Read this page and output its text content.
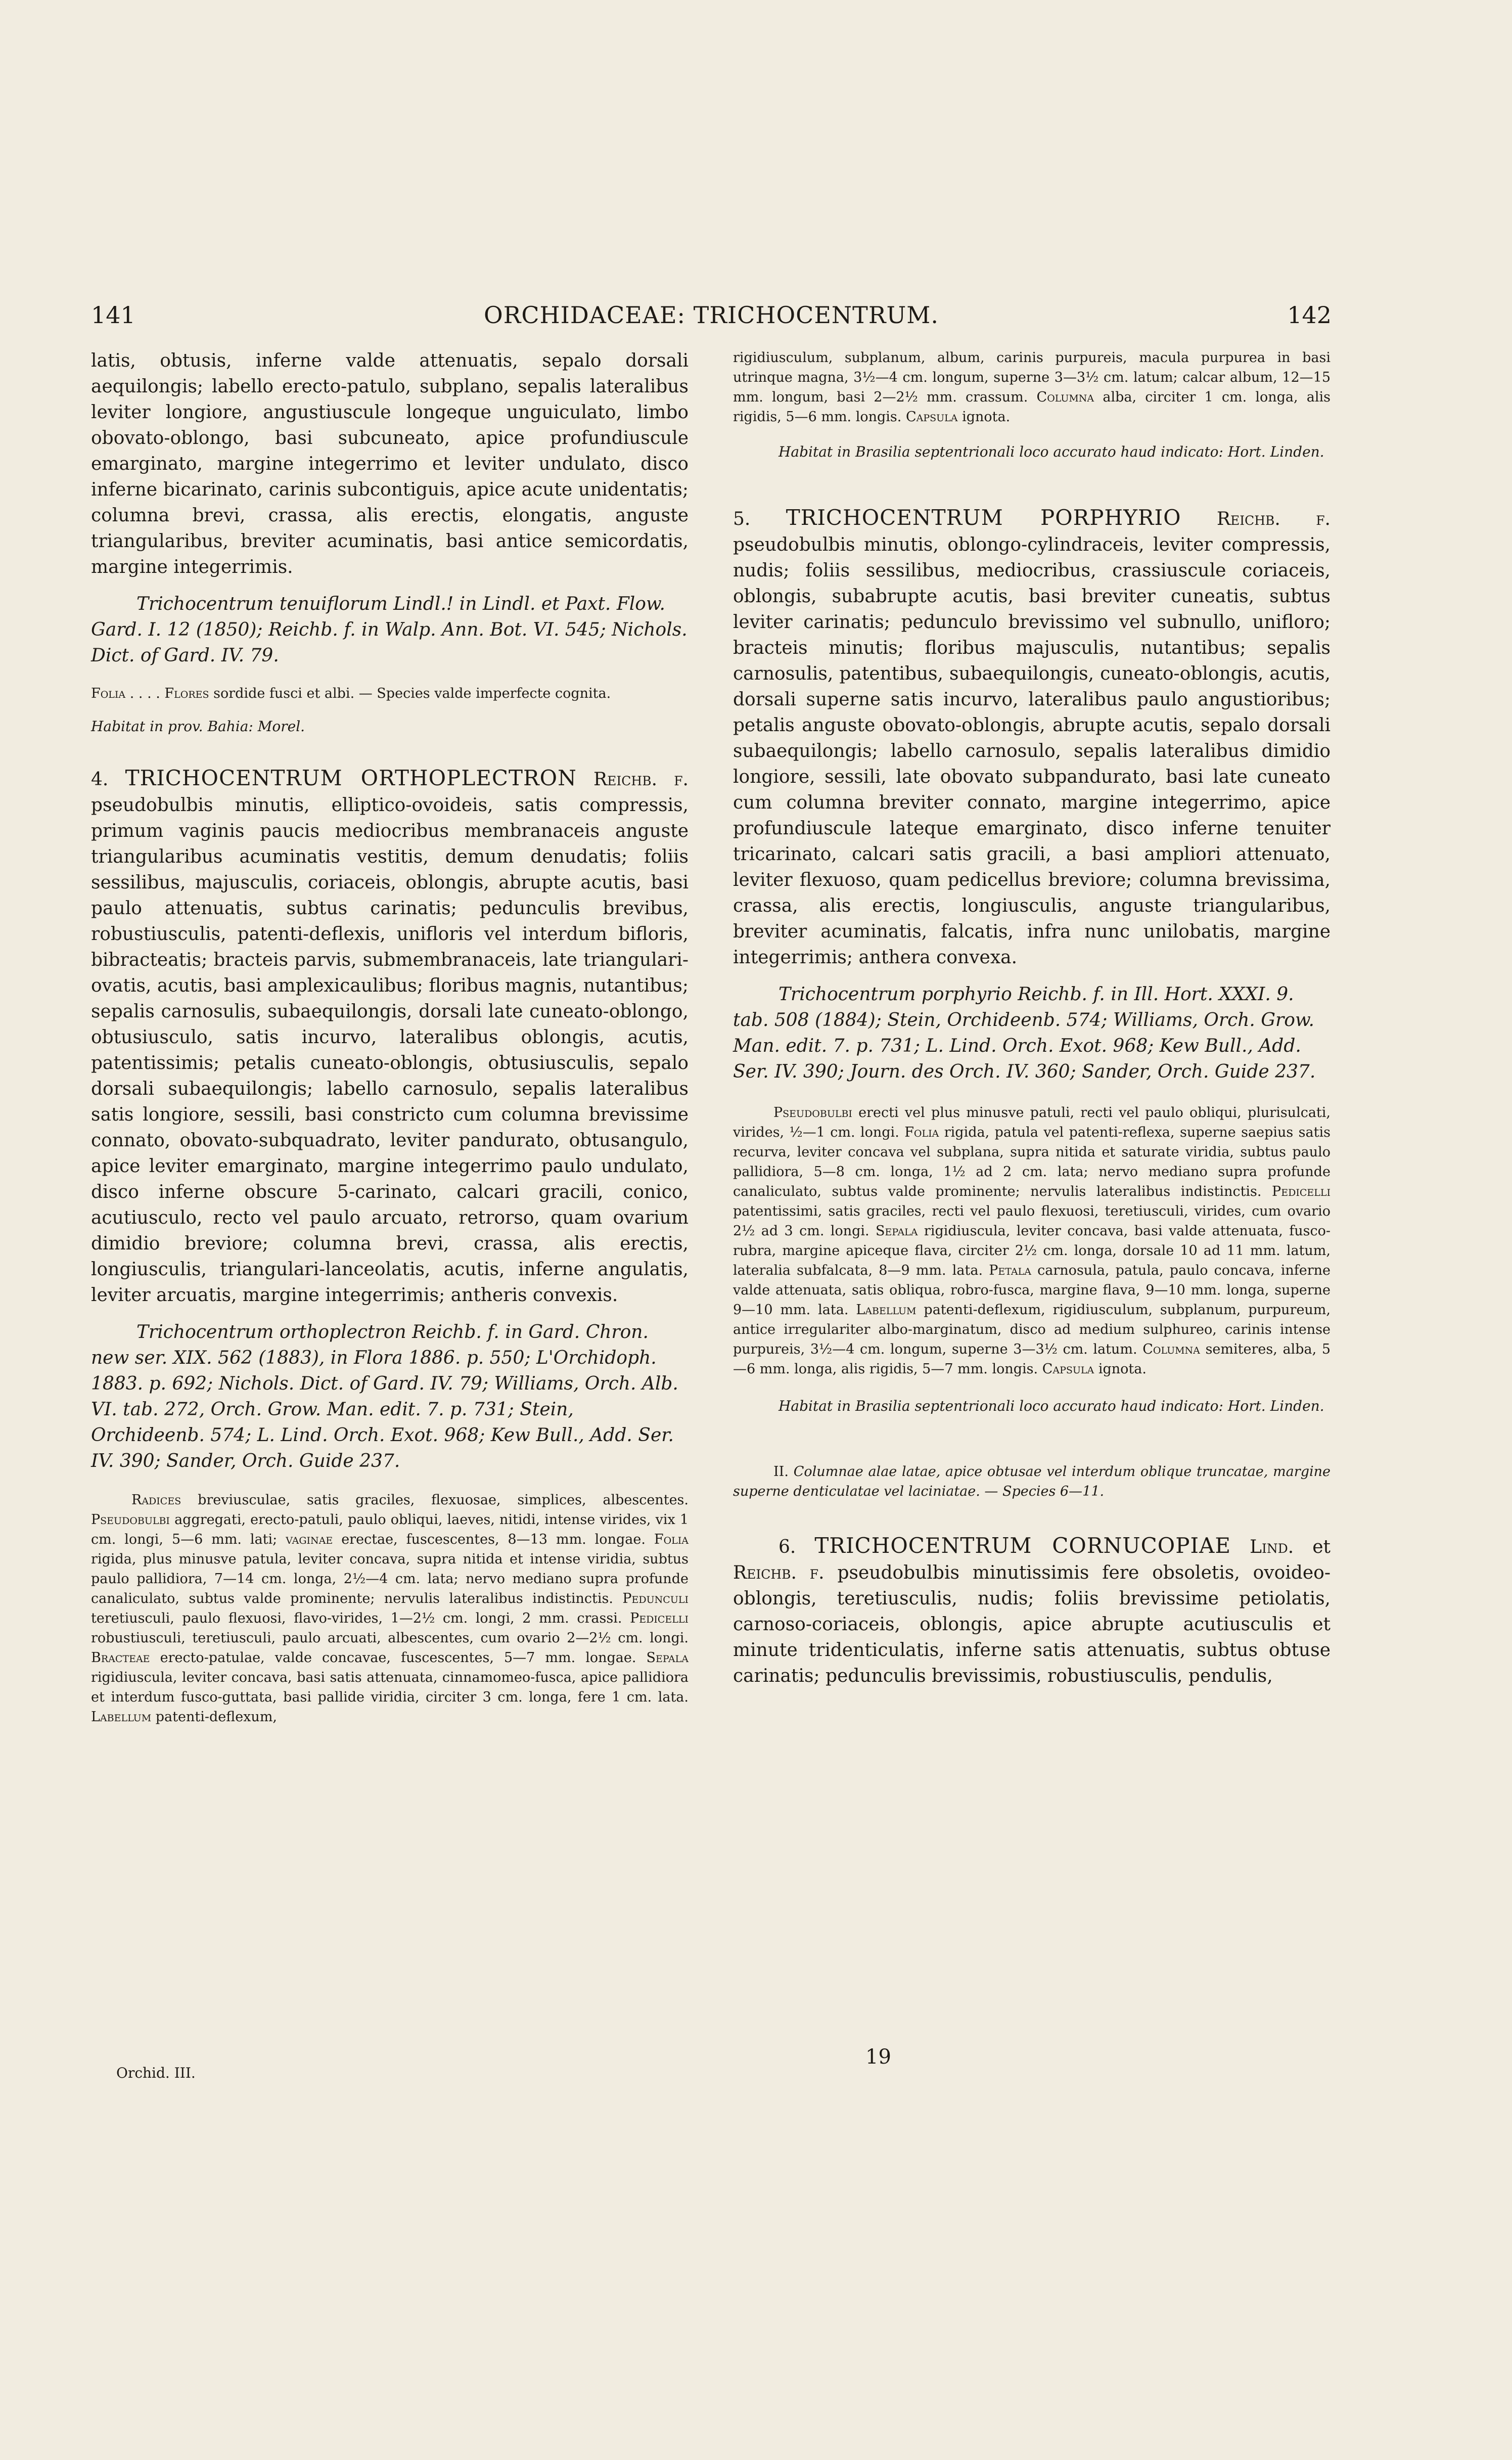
141	ORCHIDACEAE: TRICHOCENTRUM.	142

latis, obtusis, inferne valde attenuatis, sepalo dorsali aequilongis; labello erecto-patulo, subplano, sepalis lateralibus leviter longiore, angustiuscule longeque unguiculato, limbo obovato-oblongo, basi subcuneato, apice profundiuscule emarginato, margine integerrimo et leviter undulato, disco inferne bicarinato, carinis subcontiguis, apice acute unidentatis; columna brevi, crassa, alis erectis, elongatis, anguste triangularibus, breviter acuminatis, basi antice semicordatis, margine integerrimis.

Trichocentrum tenuiflorum Lindl.! in Lindl. et Paxt. Flow. Gard. I. 12 (1850); Reichb. f. in Walp. Ann. Bot. VI. 545; Nichols. Dict. of Gard. IV. 79.

Folia . . . . Flores sordide fusci et albi. — Species valde imperfecte cognita.

Habitat in prov. Bahia: Morel.

4. TRICHOCENTRUM ORTHOPLECTRON Reichb. f. pseudobulbis minutis, elliptico-ovoideis, satis compressis, primum vaginis paucis mediocribus membranaceis anguste triangularibus acuminatis vestitis, demum denudatis; foliis sessilibus, majusculis, coriaceis, oblongis, abrupte acutis, basi paulo attenuatis, subtus carinatis; pedunculis brevibus, robustiusculis, patenti-deflexis, unifloris vel interdum bifloris, bibracteatis; bracteis parvis, submembranaceis, late triangulari-ovatis, acutis, basi amplexicaulibus; floribus magnis, nutantibus; sepalis carnosulis, subaequilongis, dorsali late cuneato-oblongo, obtusiusculo, satis incurvo, lateralibus oblongis, acutis, patentissimis; petalis cuneato-oblongis, obtusiusculis, sepalo dorsali subaequilongis; labello carnosulo, sepalis lateralibus satis longiore, sessili, basi constricto cum columna brevissime connato, obovato-subquadrato, leviter pandurato, obtusangulo, apice leviter emarginato, margine integerrimo paulo undulato, disco inferne obscure 5-carinato, calcari gracili, conico, acutiusculo, recto vel paulo arcuato, retrorso, quam ovarium dimidio breviore; columna brevi, crassa, alis erectis, longiusculis, triangulari-lanceolatis, acutis, inferne angulatis, leviter arcuatis, margine integerrimis; antheris convexis.

Trichocentrum orthoplectron Reichb. f. in Gard. Chron. new ser. XIX. 562 (1883), in Flora 1886. p. 550; L'Orchidoph. 1883. p. 692; Nichols. Dict. of Gard. IV. 79; Williams, Orch. Alb. VI. tab. 272, Orch. Grow. Man. edit. 7. p. 731; Stein, Orchideenb. 574; L. Lind. Orch. Exot. 968; Kew Bull., Add. Ser. IV. 390; Sander, Orch. Guide 237.

Radices breviusculae, satis graciles, flexuosae, simplices, albescentes. Pseudobulbi aggregati, erecto-patuli, paulo obliqui, laeves, nitidi, intense virides, vix 1 cm. longi, 5—6 mm. lati; vaginae erectae, fuscescentes, 8—13 mm. longae. Folia rigida, plus minusve patula, leviter concava, supra nitida et intense viridia, subtus paulo pallidiora, 7—14 cm. longa, 2½—4 cm. lata; nervo mediano supra profunde canaliculato, subtus valde prominente; nervulis lateralibus indistinctis. Pedunculi teretiusculi, paulo flexuosi, flavo-virides, 1—2½ cm. longi, 2 mm. crassi. Pedicelli robustiusculi, teretiusculi, paulo arcuati, albescentes, cum ovario 2—2½ cm. longi. Bracteae erecto-patulae, valde concavae, fuscescentes, 5—7 mm. longae. Sepala rigidiuscula, leviter concava, basi satis attenuata, cinnamomeo-fusca, apice pallidiora et interdum fusco-guttata, basi pallide viridia, circiter 3 cm. longa, fere 1 cm. lata. Labellum patenti-deflexum,

Orchid. III.

rigidiusculum, subplanum, album, carinis purpureis, macula purpurea in basi utrinque magna, 3½—4 cm. longum, superne 3—3½ cm. latum; calcar album, 12—15 mm. longum, basi 2—2½ mm. crassum. Columna alba, circiter 1 cm. longa, alis rigidis, 5—6 mm. longis. Capsula ignota.

Habitat in Brasilia septentrionali loco accurato haud indicato: Hort. Linden.

5. TRICHOCENTRUM PORPHYRIO Reichb. f. pseudobulbis minutis, oblongo-cylindraceis, leviter compressis, nudis; foliis sessilibus, mediocribus, crassiuscule coriaceis, oblongis, subabrupte acutis, basi breviter cuneatis, subtus leviter carinatis; pedunculo brevissimo vel subnullo, unifloro; bracteis minutis; floribus majusculis, nutantibus; sepalis carnosulis, patentibus, subaequilongis, cuneato-oblongis, acutis, dorsali superne satis incurvo, lateralibus paulo angustioribus; petalis anguste obovato-oblongis, abrupte acutis, sepalo dorsali subaequilongis; labello carnosulo, sepalis lateralibus dimidio longiore, sessili, late obovato subpandurato, basi late cuneato cum columna breviter connato, margine integerrimo, apice profundiuscule lateque emarginato, disco inferne tenuiter tricarinato, calcari satis gracili, a basi ampliori attenuato, leviter flexuoso, quam pedicellus breviore; columna brevissima, crassa, alis erectis, longiusculis, anguste triangularibus, breviter acuminatis, falcatis, infra nunc unilobatis, margine integerrimis; anthera convexa.

Trichocentrum porphyrio Reichb. f. in Ill. Hort. XXXI. 9. tab. 508 (1884); Stein, Orchideenb. 574; Williams, Orch. Grow. Man. edit. 7. p. 731; L. Lind. Orch. Exot. 968; Kew Bull., Add. Ser. IV. 390; Journ. des Orch. IV. 360; Sander, Orch. Guide 237.

Pseudobulbi erecti vel plus minusve patuli, recti vel paulo obliqui, plurisulcati, virides, ½—1 cm. longi. Folia rigida, patula vel patenti-reflexa, superne saepius satis recurva, leviter concava vel subplana, supra nitida et saturate viridia, subtus paulo pallidiora, 5—8 cm. longa, 1½ ad 2 cm. lata; nervo mediano supra profunde canaliculato, subtus valde prominente; nervulis lateralibus indistinctis. Pedicelli patentissimi, satis graciles, recti vel paulo flexuosi, teretiusculi, virides, cum ovario 2½ ad 3 cm. longi. Sepala rigidiuscula, leviter concava, basi valde attenuata, fusco-rubra, margine apiceque flava, circiter 2½ cm. longa, dorsale 10 ad 11 mm. latum, lateralia subfalcata, 8—9 mm. lata. Petala carnosula, patula, paulo concava, inferne valde attenuata, satis obliqua, robro-fusca, margine flava, 9—10 mm. longa, superne 9—10 mm. lata. Labellum patenti-deflexum, rigidiusculum, subplanum, purpureum, antice irregulariter albo-marginatum, disco ad medium sulphureo, carinis intense purpureis, 3½—4 cm. longum, superne 3—3½ cm. latum. Columna semiteres, alba, 5—6 mm. longa, alis rigidis, 5—7 mm. longis. Capsula ignota.

Habitat in Brasilia septentrionali loco accurato haud indicato: Hort. Linden.

II. Columnae alae latae, apice obtusae vel interdum oblique truncatae, margine superne denticulatae vel laciniatae. — Species 6—11.

6. TRICHOCENTRUM CORNUCOPIAE Lind. et Reichb. f. pseudobulbis minutissimis fere obsoletis, ovoideo-oblongis, teretiusculis, nudis; foliis brevissime petiolatis, carnoso-coriaceis, oblongis, apice abrupte acutiusculis et minute tridenticulatis, inferne satis attenuatis, subtus obtuse carinatis; pedunculis brevissimis, robustiusculis, pendulis,

19
